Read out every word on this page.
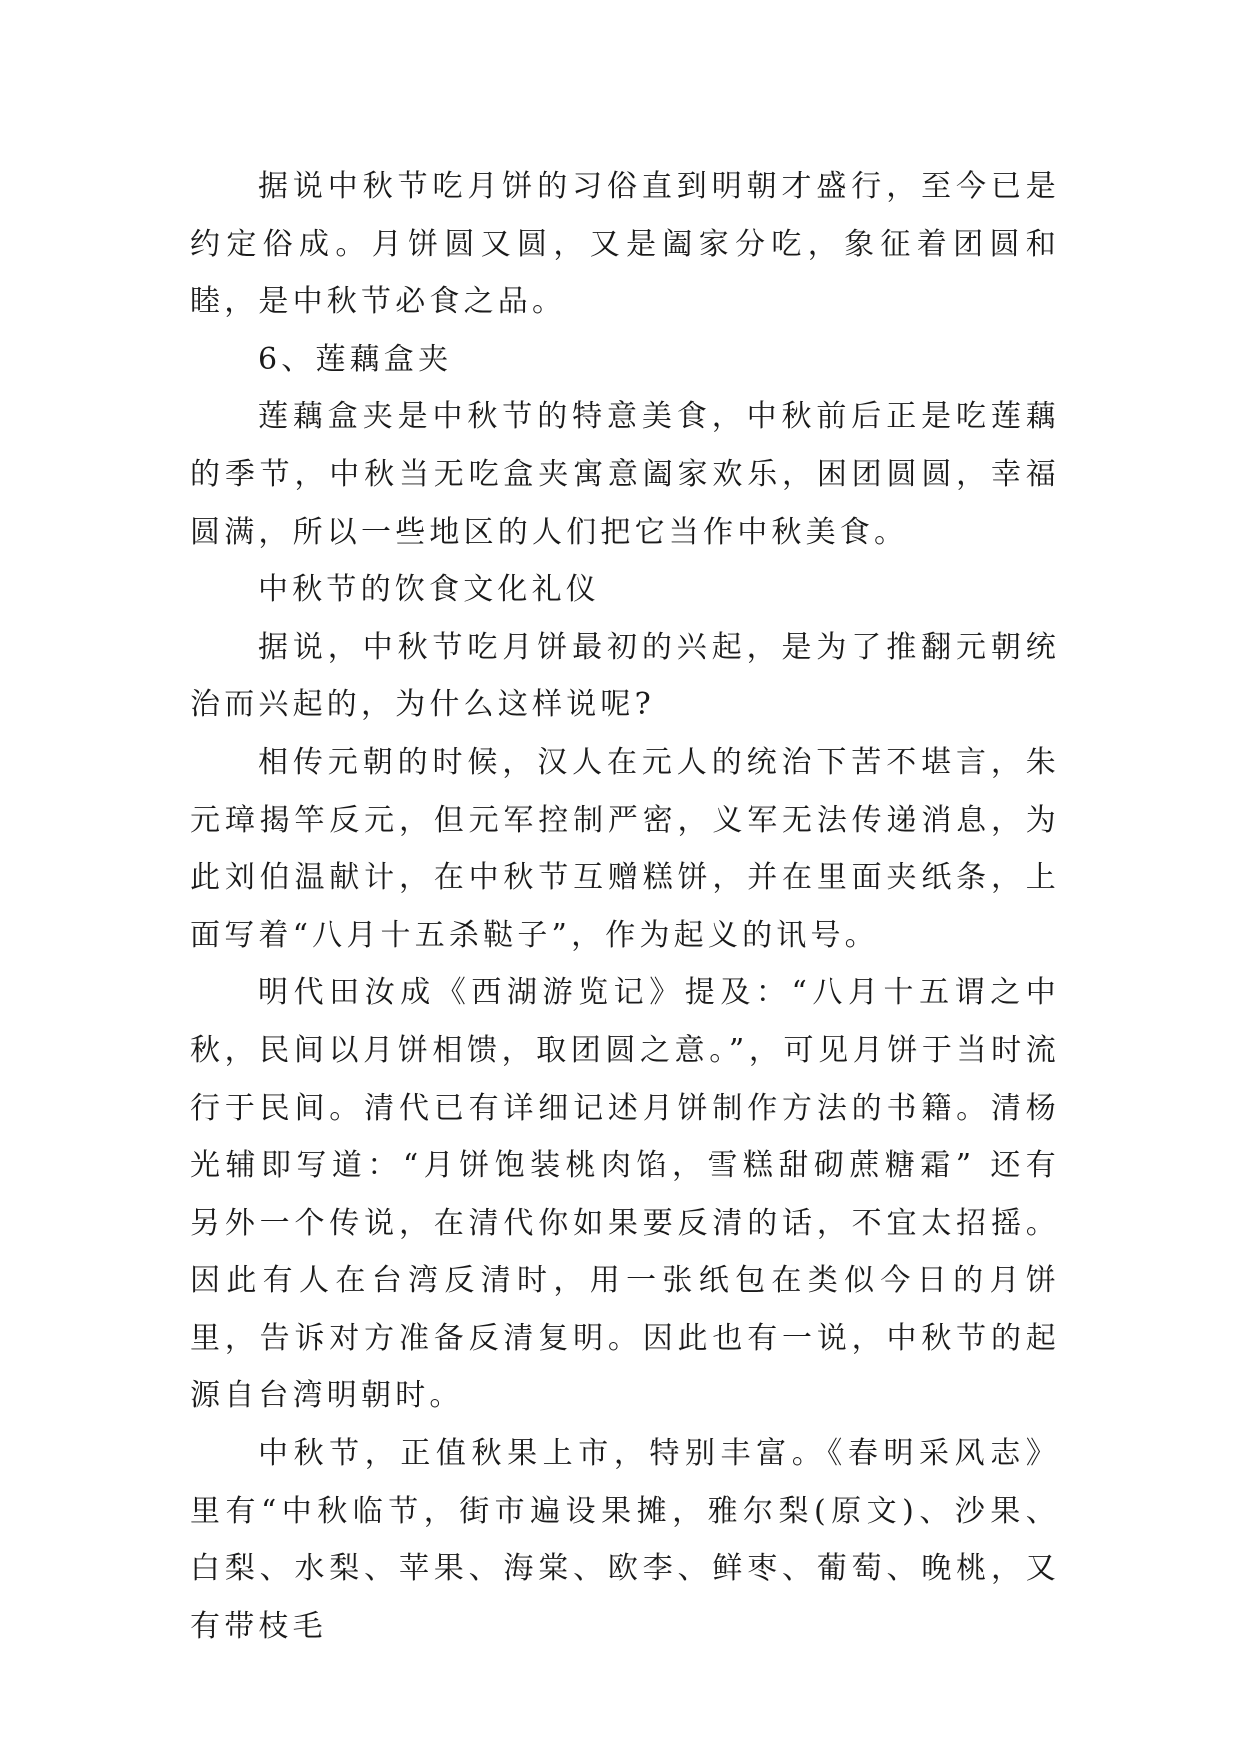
据说中秋节吃月饼的习俗直到明朝才盛行，至今已是约定俗成。月饼圆又圆，又是阖家分吃，象征着团圆和睦，是中秋节必食之品。

6、莲藕盒夹

莲藕盒夹是中秋节的特意美食，中秋前后正是吃莲藕的季节，中秋当无吃盒夹寓意阖家欢乐，困团圆圆，幸福圆满，所以一些地区的人们把它当作中秋美食。

中秋节的饮食文化礼仪

据说，中秋节吃月饼最初的兴起，是为了推翻元朝统治而兴起的，为什么这样说呢?

相传元朝的时候，汉人在元人的统治下苦不堪言，朱元璋揭竿反元，但元军控制严密，义军无法传递消息，为此刘伯温献计，在中秋节互赠糕饼，并在里面夹纸条，上面写着“八月十五杀鞑子”，作为起义的讯号。

明代田汝成《西湖游览记》提及：“八月十五谓之中秋，民间以月饼相馈，取团圆之意。”，可见月饼于当时流行于民间。清代已有详细记述月饼制作方法的书籍。清杨光辅即写道：“月饼饱装桃肉馅，雪糕甜砌蔗糖霜” 还有另外一个传说，在清代你如果要反清的话，不宜太招摇。因此有人在台湾反清时，用一张纸包在类似今日的月饼里，告诉对方准备反清复明。因此也有一说，中秋节的起源自台湾明朝时。

中秋节，正值秋果上市，特别丰富。《春明采风志》里有“中秋临节，街市遍设果摊，雅尔梨(原文)、沙果、白梨、水梨、苹果、海棠、欧李、鲜枣、葡萄、晚桃，又有带枝毛
